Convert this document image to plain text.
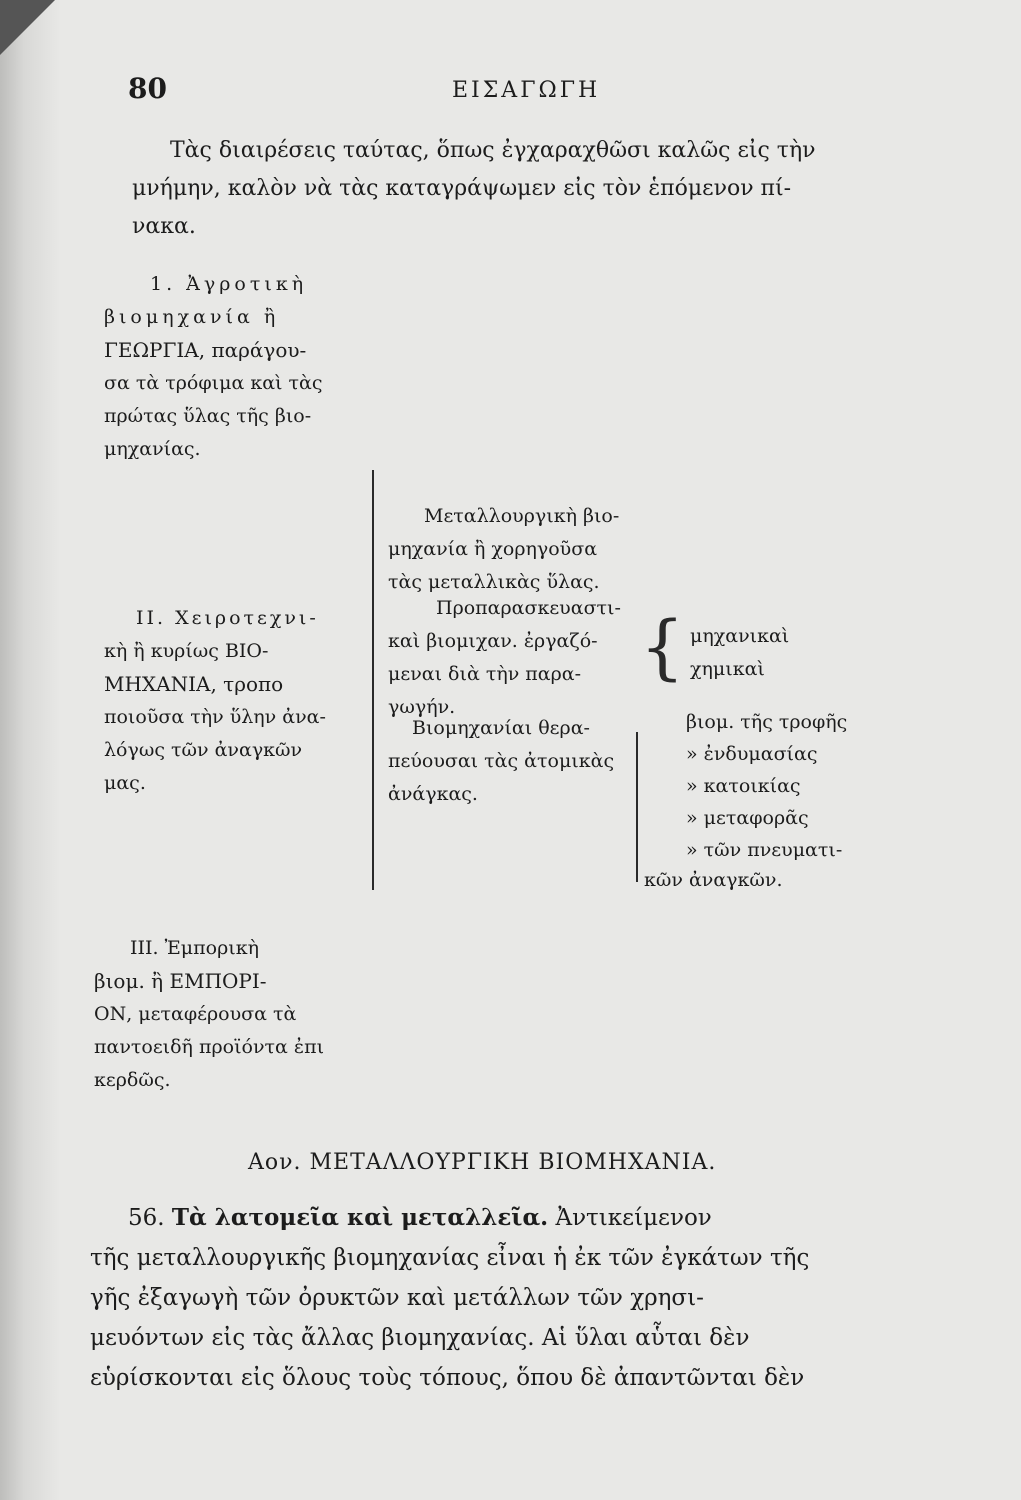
80	ΕΙΣΑΓΩΓΗ
Τὰς διαιρέσεις ταύτας, ὅπως ἐγχαραχθῶσι καλῶς εἰς τὴν
μνήμην, καλὸν νὰ τὰς καταγράψωμεν εἰς τὸν ἑπόμενον πί-
νακα.
1. Ἀγροτικὴ
βιομηχανία ἢ
ΓΕΩΡΓΙΑ, παράγου-
σα τὰ τρόφιμα καὶ τὰς
πρώτας ὕλας τῆς βιο-
μηχανίας.
ΙΙ. Χειροτεχνι-
κὴ ἢ κυρίως ΒΙΟ-
ΜΗΧΑΝΙΑ, τροπο
ποιοῦσα τὴν ὕλην ἀνα-
λόγως τῶν ἀναγκῶν
μας.
Μεταλλουργικὴ βιο-
μηχανία ἢ χορηγοῦσα
τὰς μεταλλικὰς ὕλας.
Προπαρασκευαστι-
καὶ βιομιχαν. ἐργαζό-
μεναι διὰ τὴν παρα-
γωγήν.
{ μηχανικαὶ
χημικαὶ
Βιομηχανίαι θερα-
πεύουσαι τὰς ἀτομικὰς
ἀνάγκας.
βιομ. τῆς τροφῆς
» ἐνδυμασίας
» κατοικίας
» μεταφορᾶς
» τῶν πνευματι-
κῶν ἀναγκῶν.
ΙΙΙ. Ἐμπορικὴ
βιομ. ἢ ΕΜΠΟΡΙ-
ΟΝ, μεταφέρουσα τὰ
παντοειδῆ προϊόντα ἐπι
κερδῶς.
Αον. ΜΕΤΑΛΛΟΥΡΓΙΚΗ ΒΙΟΜΗΧΑΝΙΑ.
56. Τὰ λατομεῖα καὶ μεταλλεῖα. Ἀντικείμενον
τῆς μεταλλουργικῆς βιομηχανίας εἶναι ἡ ἐκ τῶν ἐγκάτων τῆς
γῆς ἐξαγωγὴ τῶν ὀρυκτῶν καὶ μετάλλων τῶν χρησι-
μευόντων εἰς τὰς ἄλλας βιομηχανίας. Αἱ ὕλαι αὗται δὲν
εὑρίσκονται εἰς ὅλους τοὺς τόπους, ὅπου δὲ ἀπαντῶνται δὲν
